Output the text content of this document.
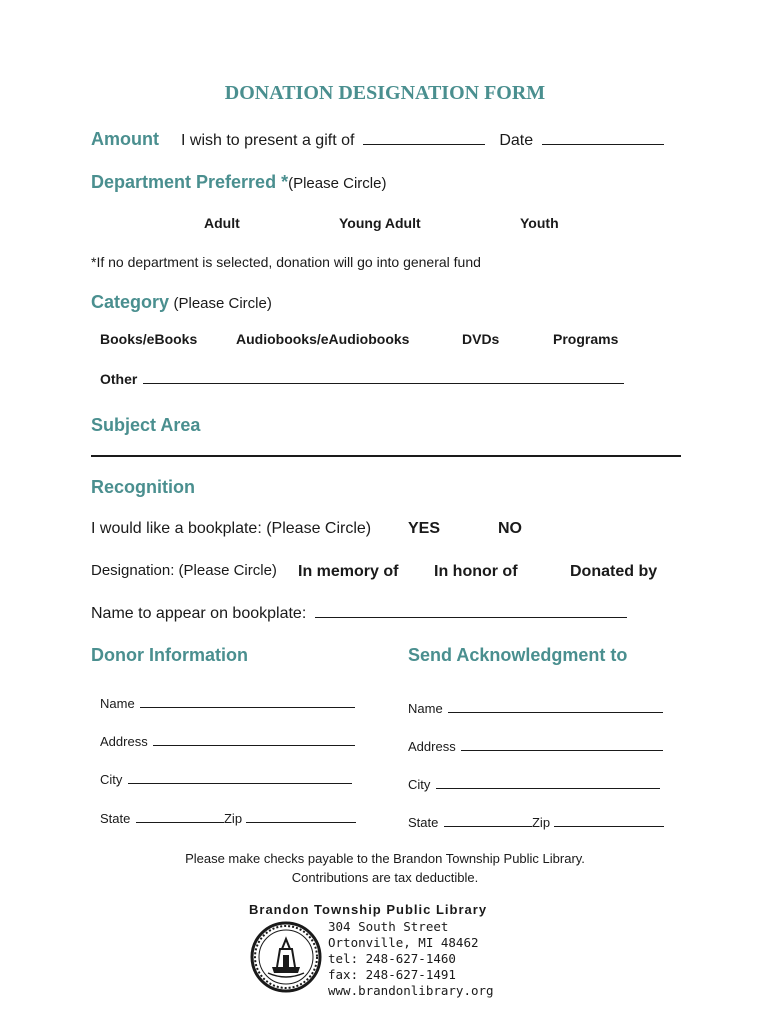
DONATION DESIGNATION FORM
Amount I wish to present a gift of	Date
Department Preferred *(Please Circle)
Adult	Young Adult	Youth
*If no department is selected, donation will go into general fund
Category (Please Circle)
Books/eBooks	Audiobooks/eAudiobooks	DVDs	Programs
Other
Subject Area
Recognition
I would like a bookplate: (Please Circle) YES	NO
Designation: (Please Circle) In memory of In honor of	Donated by
Name to appear on bookplate:
Donor Information	Send Acknowledgment to
Name
Address
City
State	Zip
Name
Address
City
State	Zip
Please make checks payable to the Brandon Township Public Library.
Contributions are tax deductible.
Brandon Township Public Library
304 South Street
Ortonville, MI 48462
tel: 248-627-1460
fax: 248-627-1491
www.brandonlibrary.org
